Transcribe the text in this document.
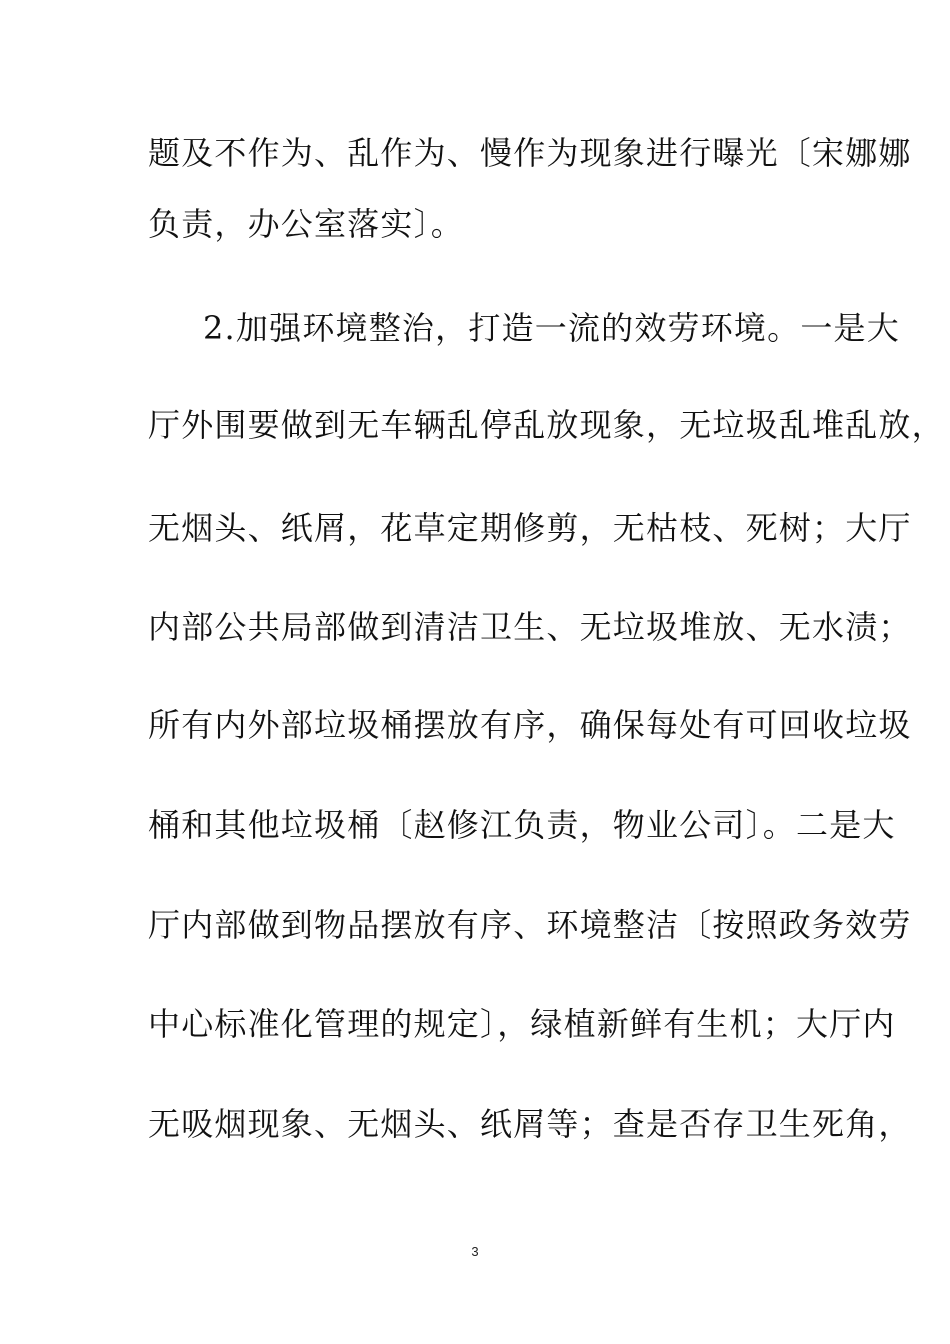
题及不作为、乱作为、慢作为现象进行曝光〔宋娜娜
负责，办公室落实〕。
2.加强环境整治，打造一流的效劳环境。一是大
厅外围要做到无车辆乱停乱放现象，无垃圾乱堆乱放，
无烟头、纸屑，花草定期修剪，无枯枝、死树；大厅
内部公共局部做到清洁卫生、无垃圾堆放、无水渍；
所有内外部垃圾桶摆放有序，确保每处有可回收垃圾
桶和其他垃圾桶〔赵修江负责，物业公司〕。二是大
厅内部做到物品摆放有序、环境整洁〔按照政务效劳
中心标准化管理的规定〕，绿植新鲜有生机；大厅内
无吸烟现象、无烟头、纸屑等；查是否存卫生死角，
3
